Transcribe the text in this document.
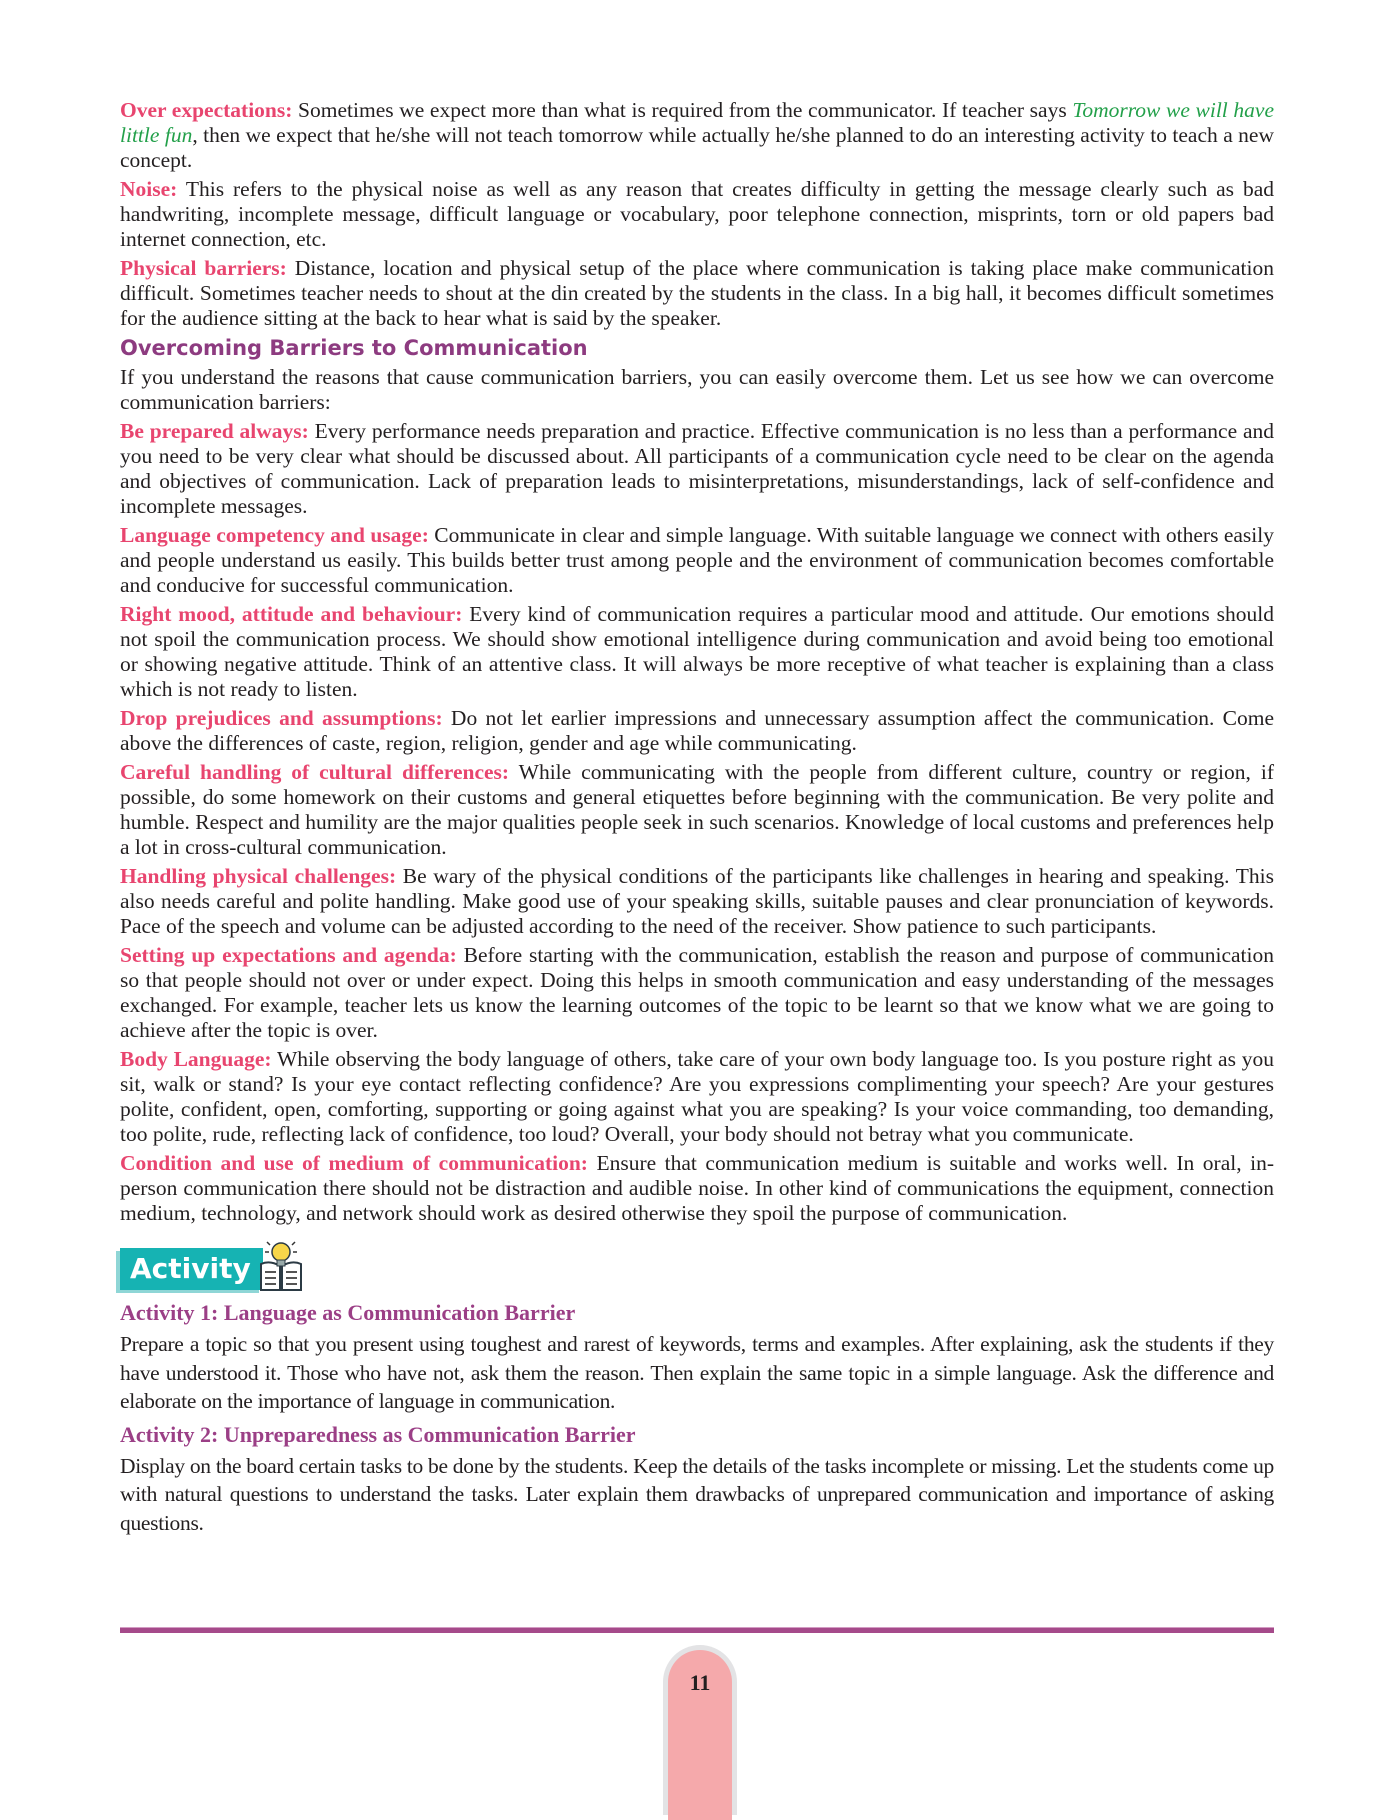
Over expectations: Sometimes we expect more than what is required from the communicator. If teacher says Tomorrow we will have little fun, then we expect that he/she will not teach tomorrow while actually he/she planned to do an interesting activity to teach a new concept.

Noise: This refers to the physical noise as well as any reason that creates difficulty in getting the message clearly such as bad handwriting, incomplete message, difficult language or vocabulary, poor telephone connection, misprints, torn or old papers bad internet connection, etc.

Physical barriers: Distance, location and physical setup of the place where communication is taking place make communication difficult. Sometimes teacher needs to shout at the din created by the students in the class. In a big hall, it becomes difficult sometimes for the audience sitting at the back to hear what is said by the speaker.

Overcoming Barriers to Communication

If you understand the reasons that cause communication barriers, you can easily overcome them. Let us see how we can overcome communication barriers:

Be prepared always: Every performance needs preparation and practice. Effective communication is no less than a performance and you need to be very clear what should be discussed about. All participants of a communication cycle need to be clear on the agenda and objectives of communication. Lack of preparation leads to misinterpretations, misunderstandings, lack of self-confidence and incomplete messages.

Language competency and usage: Communicate in clear and simple language. With suitable language we connect with others easily and people understand us easily. This builds better trust among people and the environment of communication becomes comfortable and conducive for successful communication.

Right mood, attitude and behaviour: Every kind of communication requires a particular mood and attitude. Our emotions should not spoil the communication process. We should show emotional intelligence during communication and avoid being too emotional or showing negative attitude. Think of an attentive class. It will always be more receptive of what teacher is explaining than a class which is not ready to listen.

Drop prejudices and assumptions: Do not let earlier impressions and unnecessary assumption affect the communication. Come above the differences of caste, region, religion, gender and age while communicating.

Careful handling of cultural differences: While communicating with the people from different culture, country or region, if possible, do some homework on their customs and general etiquettes before beginning with the communication. Be very polite and humble. Respect and humility are the major qualities people seek in such scenarios. Knowledge of local customs and preferences help a lot in cross-cultural communication.

Handling physical challenges: Be wary of the physical conditions of the participants like challenges in hearing and speaking. This also needs careful and polite handling. Make good use of your speaking skills, suitable pauses and clear pronunciation of keywords. Pace of the speech and volume can be adjusted according to the need of the receiver. Show patience to such participants.

Setting up expectations and agenda: Before starting with the communication, establish the reason and purpose of communication so that people should not over or under expect. Doing this helps in smooth communication and easy understanding of the messages exchanged. For example, teacher lets us know the learning outcomes of the topic to be learnt so that we know what we are going to achieve after the topic is over.

Body Language: While observing the body language of others, take care of your own body language too. Is you posture right as you sit, walk or stand? Is your eye contact reflecting confidence? Are you expressions complimenting your speech? Are your gestures polite, confident, open, comforting, supporting or going against what you are speaking? Is your voice commanding, too demanding, too polite, rude, reflecting lack of confidence, too loud? Overall, your body should not betray what you communicate.

Condition and use of medium of communication: Ensure that communication medium is suitable and works well. In oral, in-person communication there should not be distraction and audible noise. In other kind of communications the equipment, connection medium, technology, and network should work as desired otherwise they spoil the purpose of communication.

Activity
Activity 1: Language as Communication Barrier

Prepare a topic so that you present using toughest and rarest of keywords, terms and examples. After explaining, ask the students if they have understood it. Those who have not, ask them the reason. Then explain the same topic in a simple language. Ask the difference and elaborate on the importance of language in communication.

Activity 2: Unpreparedness as Communication Barrier

Display on the board certain tasks to be done by the students. Keep the details of the tasks incomplete or missing. Let the students come up with natural questions to understand the tasks. Later explain them drawbacks of unprepared communication and importance of asking questions.

11
